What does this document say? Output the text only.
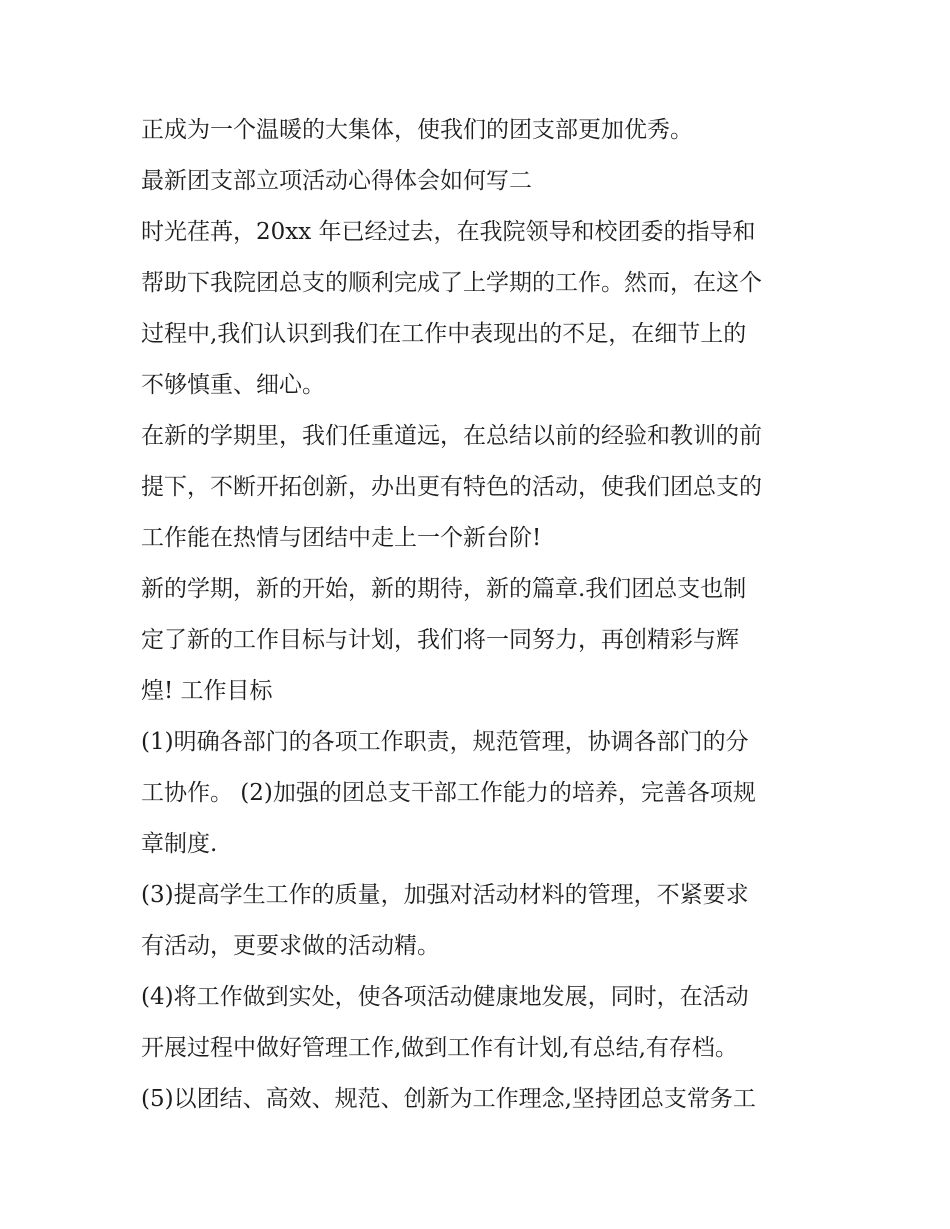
正成为一个温暖的大集体，使我们的团支部更加优秀。
最新团支部立项活动心得体会如何写二
时光荏苒，20xx 年已经过去，在我院领导和校团委的指导和
帮助下我院团总支的顺利完成了上学期的工作。然而，在这个
过程中,我们认识到我们在工作中表现出的不足，在细节上的
不够慎重、细心。
在新的学期里，我们任重道远，在总结以前的经验和教训的前
提下，不断开拓创新，办出更有特色的活动，使我们团总支的
工作能在热情与团结中走上一个新台阶!
新的学期，新的开始，新的期待，新的篇章.我们团总支也制
定了新的工作目标与计划，我们将一同努力，再创精彩与辉
煌! 工作目标
(1)明确各部门的各项工作职责，规范管理，协调各部门的分
工协作。 (2)加强的团总支干部工作能力的培养，完善各项规
章制度.
(3)提高学生工作的质量，加强对活动材料的管理，不紧要求
有活动，更要求做的活动精。
(4)将工作做到实处，使各项活动健康地发展，同时，在活动
开展过程中做好管理工作,做到工作有计划,有总结,有存档。
(5)以团结、高效、规范、创新为工作理念,坚持团总支常务工
